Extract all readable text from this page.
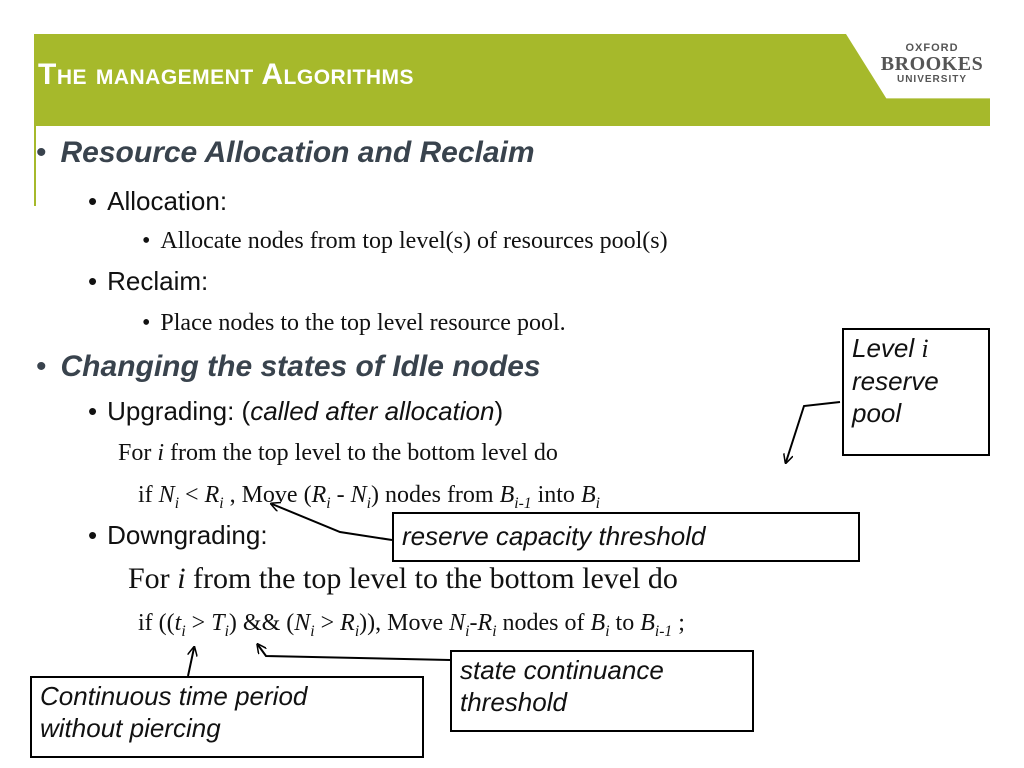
The management Algorithms
OXFORD
BROOKES
UNIVERSITY
• Resource Allocation and Reclaim
• Allocation:
• Allocate nodes from top level(s) of resources pool(s)
• Reclaim:
• Place nodes to the top level resource pool.
• Changing the states of Idle nodes
• Upgrading: (called after allocation)
For i from the top level to the bottom level do
if $N_i < R_i$ , Move $(R_i - N_i)$ nodes from $B_{i-1}$ into $B_i$
• Downgrading:
For i from the top level to the bottom level do
if ($(t_i > T_i)$ && $(N_i > R_i)$), Move $N_i-R_i$ nodes of $B_i$ to $B_{i-1}$ ;
Level i
reserve
pool
reserve capacity threshold
state continuance
threshold
Continuous time period
without piercing
